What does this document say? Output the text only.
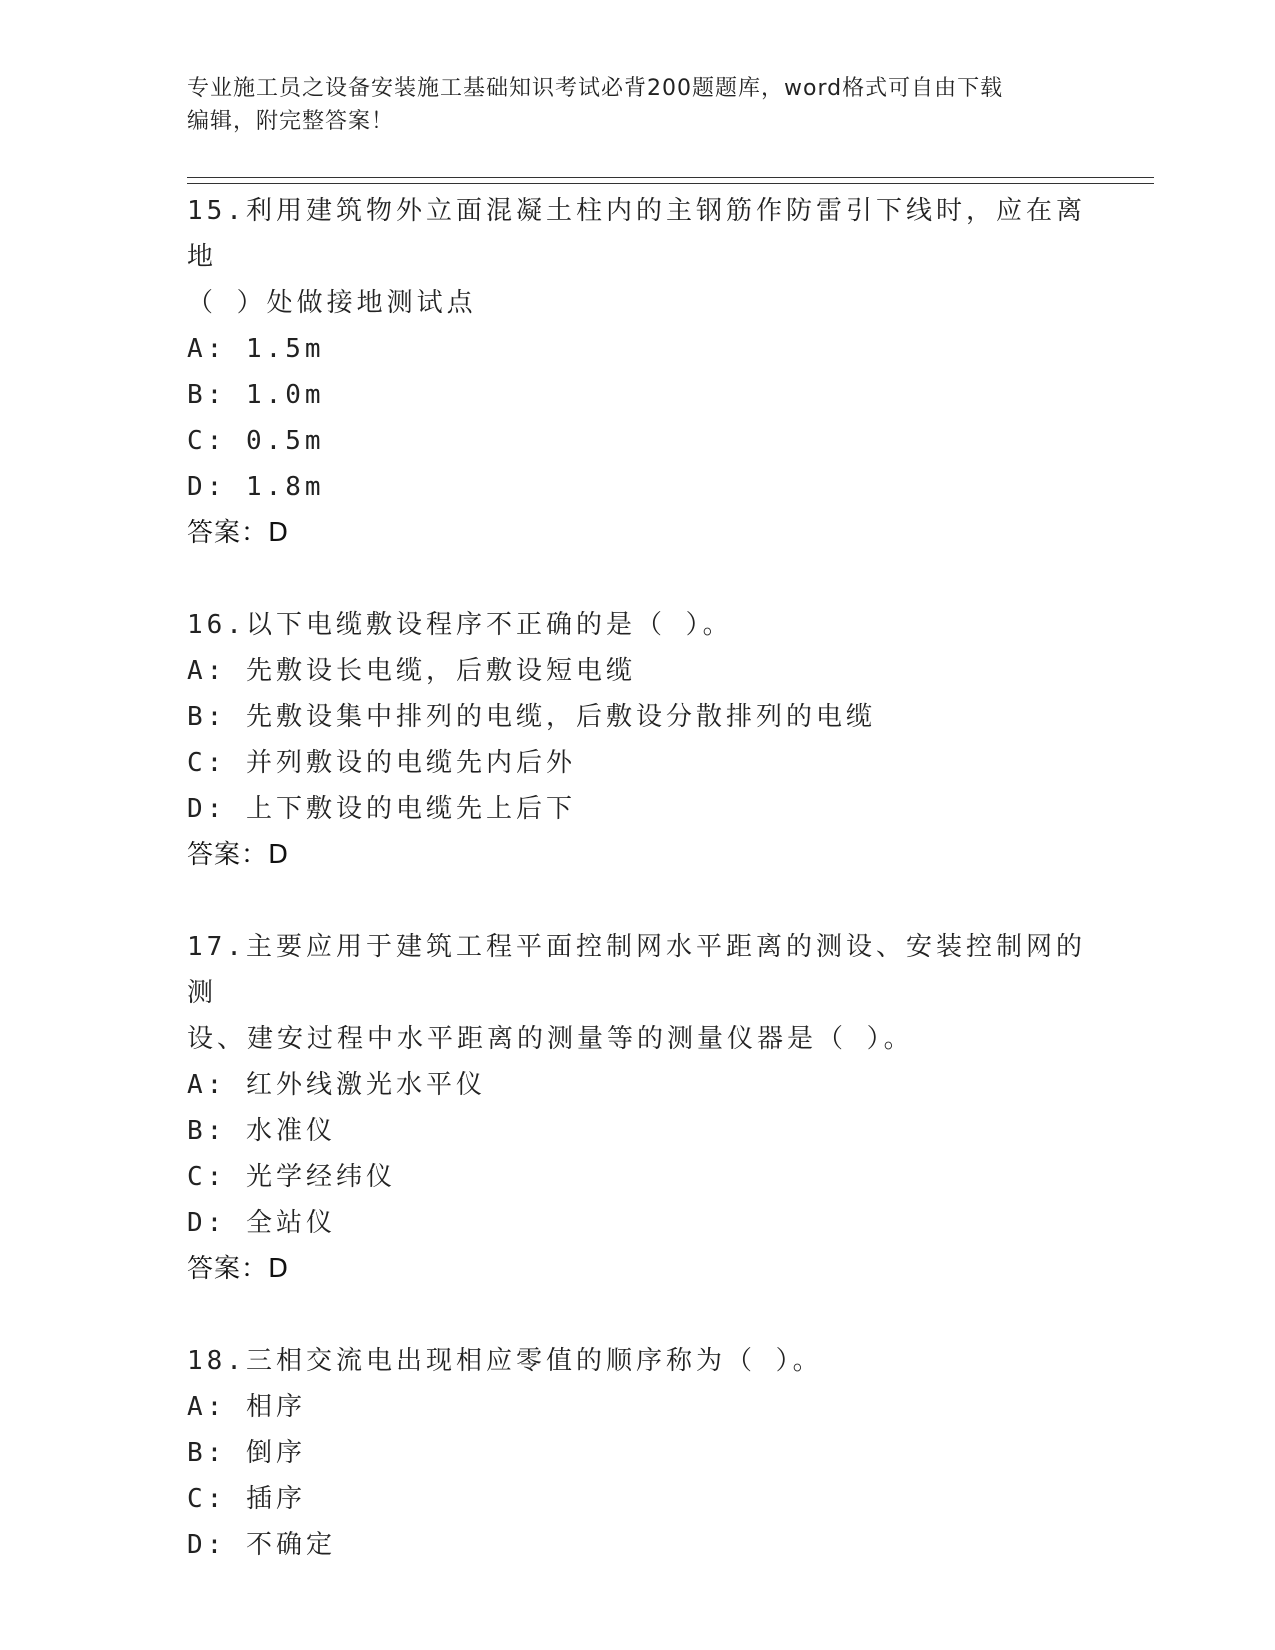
专业施工员之设备安装施工基础知识考试必背200题题库，word格式可自由下载
编辑，附完整答案！
15.利用建筑物外立面混凝土柱内的主钢筋作防雷引下线时，应在离地
（ ）处做接地测试点
A: 1.5m
B: 1.0m
C: 0.5m
D: 1.8m
答案：D
16.以下电缆敷设程序不正确的是（ ）。
A: 先敷设长电缆，后敷设短电缆
B: 先敷设集中排列的电缆，后敷设分散排列的电缆
C: 并列敷设的电缆先内后外
D: 上下敷设的电缆先上后下
答案：D
17.主要应用于建筑工程平面控制网水平距离的测设、安装控制网的测
设、建安过程中水平距离的测量等的测量仪器是（ ）。
A: 红外线激光水平仪
B: 水准仪
C: 光学经纬仪
D: 全站仪
答案：D
18.三相交流电出现相应零值的顺序称为（ ）。
A: 相序
B: 倒序
C: 插序
D: 不确定
